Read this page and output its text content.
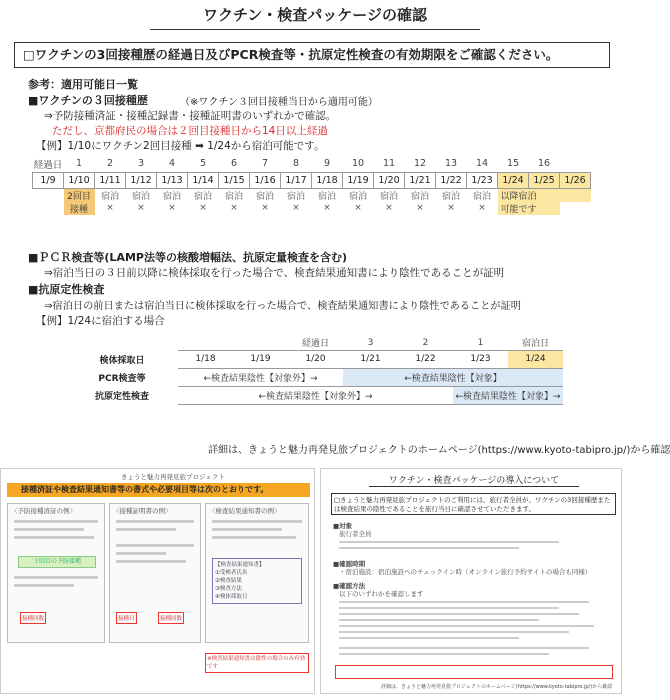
ワクチン・検査パッケージの確認
□ワクチンの3回接種歴の経過日及びPCR検査等・抗原定性検査の有効期限をご確認ください。
参考：適用可能日一覧
■ワクチンの３回接種歴	（※ワクチン３回目接種当日から適用可能）
⇒予防接種済証・接種記録書・接種証明書のいずれかで確認。
ただし、京都府民の場合は２回目接種日から14日以上経過
【例】1/10にワクチン2回目接種 ➡ 1/24から宿泊可能です。
経過日	1	2	3	4	5	6	7	8	9	10	11	12	13	14	15	16	
1/9	1/10	1/11	1/12	1/13	1/14	1/15	1/16	1/17	1/18	1/19	1/20	1/21	1/22	1/23	1/24	1/25	1/26
	2回目	宿泊	宿泊	宿泊	宿泊	宿泊	宿泊	宿泊	宿泊	宿泊	宿泊	宿泊	宿泊	宿泊	以降宿泊		
	接種	×	×	×	×	×	×	×	×	×	×	×	×	×	可能です		
■ＰＣＲ検査等(LAMP法等の核酸増幅法、抗原定量検査を含む)
⇒宿泊当日の３日前以降に検体採取を行った場合で、検査結果通知書により陰性であることが証明
■抗原定性検査
⇒宿泊日の前日または宿泊当日に検体採取を行った場合で、検査結果通知書により陰性であることが証明
【例】1/24に宿泊する場合
			経過日	3	2	1	宿泊日
検体採取日	1/18	1/19	1/20	1/21	1/22	1/23	1/24
PCR検査等	←検査結果陰性【対象外】→			←検査結果陰性【対象】			
抗原定性検査	←検査結果陰性【対象外】→					←検査結果陰性【対象】→	
詳細は、きょうと魅力再発見旅プロジェクトのホームページ(https://www.kyoto-tabipro.jp/)から確認
きょうと魅力再発見旅プロジェクト
接種済証や検査結果通知書等の書式や必要項目等は次のとおりです。
〈予防接種済証の例〉
３回目の予防接種
接種回数
〈接種証明書の例〉
接種日	接種回数
〈検査結果通知書の例〉
【検査結果通知書】
①受検者氏名
②検査結果
③検査方法
④検体採取日
※検査結果通知書は陰性の場合のみ有効です
ワクチン・検査パッケージの導入について
□きょうと魅力再発見旅プロジェクトのご利用には、旅行者全員が、ワクチンの3回接種歴または検査結果の陰性であることを旅行当日に確認させていただきます。
■対象
旅行者全員
■確認時期
・宿泊施設：宿泊施設へのチェックイン時（オンライン旅行予約サイトの場合も同様）
■確認方法
以下のいずれかを確認します
詳細は、きょうと魅力再発見旅プロジェクトのホームページ(https://www.kyoto-tabipro.jp/)から確認
